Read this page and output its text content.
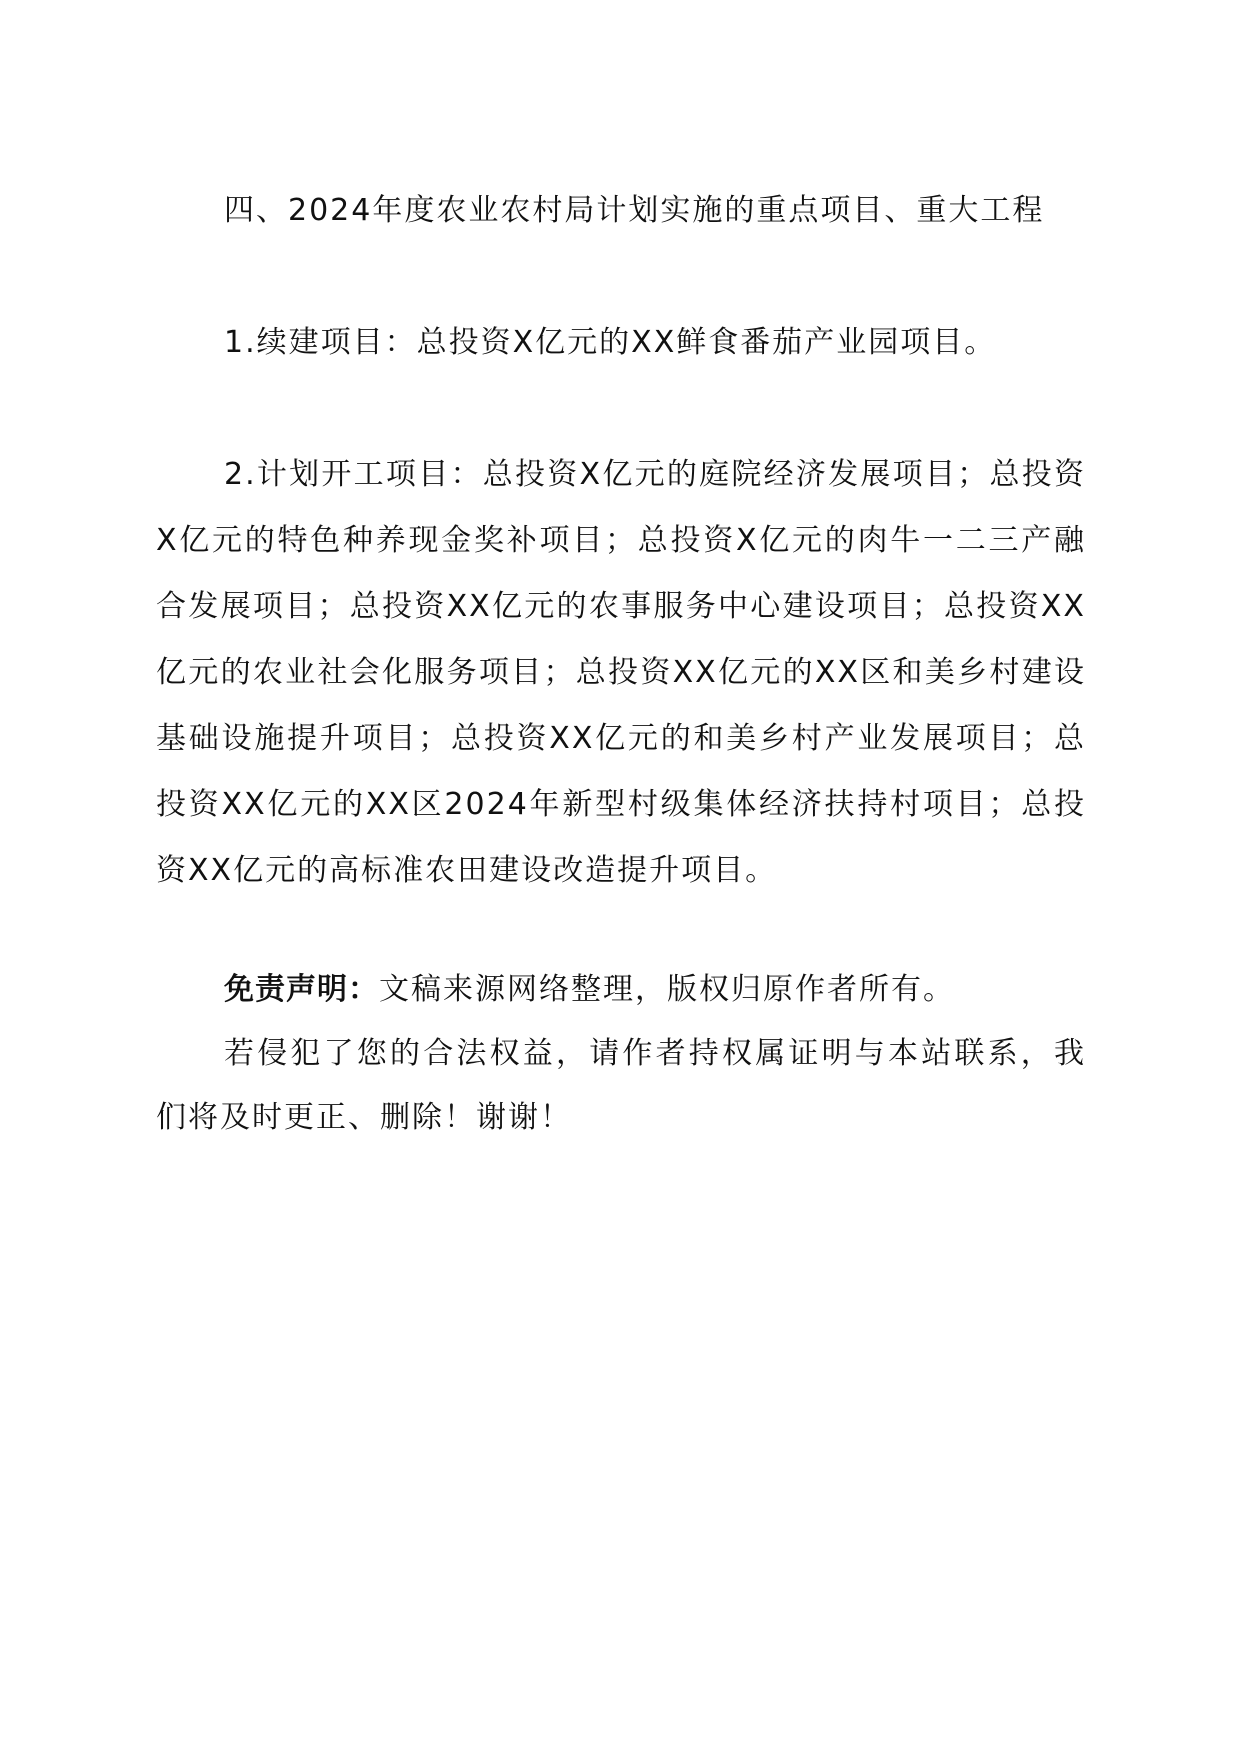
四、2024年度农业农村局计划实施的重点项目、重大工程

1.续建项目：总投资X亿元的XX鲜食番茄产业园项目。

2.计划开工项目：总投资X亿元的庭院经济发展项目；总投资X亿元的特色种养现金奖补项目；总投资X亿元的肉牛一二三产融合发展项目；总投资XX亿元的农事服务中心建设项目；总投资XX亿元的农业社会化服务项目；总投资XX亿元的XX区和美乡村建设基础设施提升项目；总投资XX亿元的和美乡村产业发展项目；总投资XX亿元的XX区2024年新型村级集体经济扶持村项目；总投资XX亿元的高标准农田建设改造提升项目。

免责声明：文稿来源网络整理，版权归原作者所有。

若侵犯了您的合法权益，请作者持权属证明与本站联系，我们将及时更正、删除！谢谢！
